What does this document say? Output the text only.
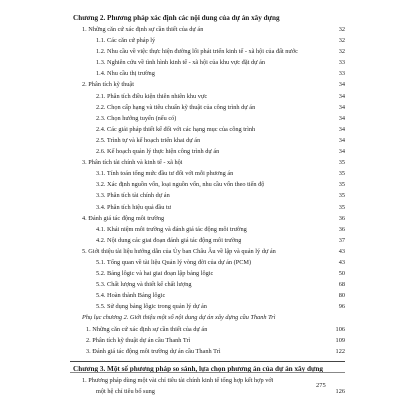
Chương 2. Phương pháp xác định các nội dung của dự án xây dựng
1. Những căn cứ xác định sự cần thiết của dự án	32
1.1. Các căn cứ pháp lý	32
1.2. Nhu cầu về việc thực hiện đường lối phát triển kinh tế - xã hội của đất nước	32
1.3. Nghiên cứu về tình hình kinh tế - xã hội của khu vực đặt dự án	33
1.4. Nhu cầu thị trường	33
2. Phân tích kỹ thuật	34
2.1. Phân tích điều kiện thiên nhiên khu vực	34
2.2. Chọn cấp hạng và tiêu chuẩn kỹ thuật của công trình dự án	34
2.3. Chọn hướng tuyến (nếu có)	34
2.4. Các giải pháp thiết kế đối với các hạng mục của công trình	34
2.5. Trình tự và kế hoạch triển khai dự án	34
2.6. Kế hoạch quản lý thực hiện công trình dự án	34
3. Phân tích tài chính và kinh tế - xã hội	35
3.1. Tính toán tổng mức đầu tư đối với mỗi phương án	35
3.2. Xác định nguồn vốn, loại nguồn vốn, nhu cầu vốn theo tiến độ	35
3.3. Phân tích tài chính dự án	35
3.4. Phân tích hiệu quả đầu tư	35
4. Đánh giá tác động môi trường	36
4.1. Khái niệm môi trường và đánh giá tác động môi trường	36
4.2. Nội dung các giai đoạn đánh giá tác động môi trường	37
5. Giới thiệu tài liệu hướng dẫn của Ủy ban Châu Âu về lập và quản lý dự án	43
5.1. Tổng quan về tài liệu Quản lý vòng đời của dự án (PCM)	43
5.2. Bảng lôgic và hai giai đoạn lập bảng lôgic	50
5.3. Chất lượng và thiết kế chất lượng	68
5.4. Hoàn thành Bảng lôgic	80
5.5. Sử dụng bảng lôgic trong quản lý dự án	96
Phụ lục chương 2. Giới thiệu một số nội dung dự án xây dựng cầu Thanh Trì
1. Những căn cứ xác định sự cần thiết của dự án	106
2. Phân tích kỹ thuật dự án cầu Thanh Trì	109
3. Đánh giá tác động môi trường dự án cầu Thanh Trì	122
Chương 3. Một số phương pháp so sánh, lựa chọn phương án của dự án xây dựng
1. Phương pháp dùng một vài chỉ tiêu tài chính kinh tế tổng hợp kết hợp với
một hệ chỉ tiêu bổ sung	126
275
